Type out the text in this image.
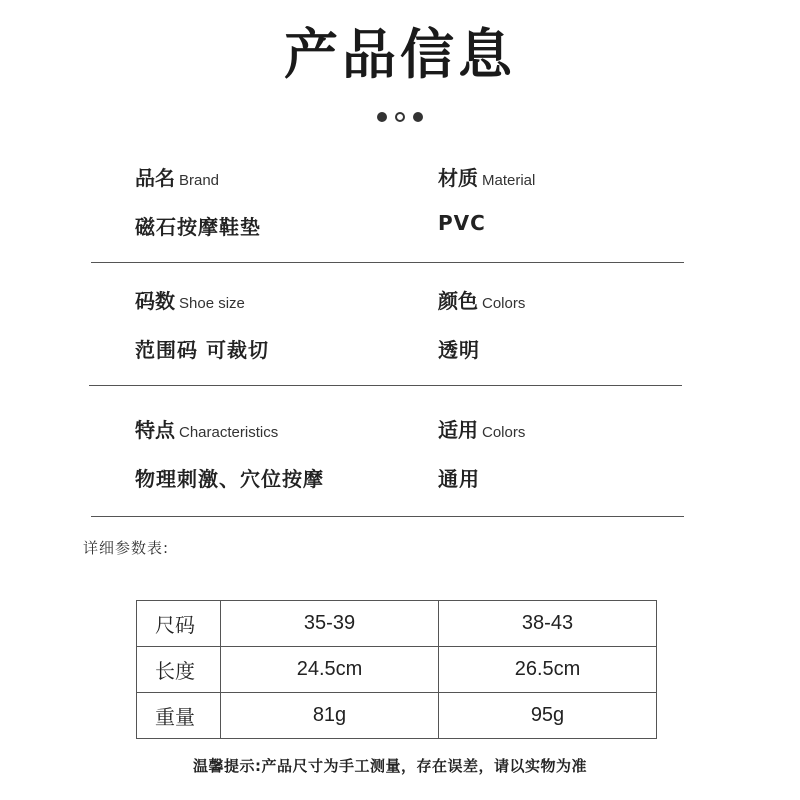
产品信息
品名 Brand
磁石按摩鞋垫
材质 Material
PVC
码数 Shoe size
范围码 可裁切
颜色 Colors
透明
特点 Characteristics
物理刺激、穴位按摩
适用 Colors
通用
详细参数表:
尺码	35-39	38-43
长度	24.5cm	26.5cm
重量	81g	95g
温馨提示:产品尺寸为手工测量，存在误差，请以实物为准
